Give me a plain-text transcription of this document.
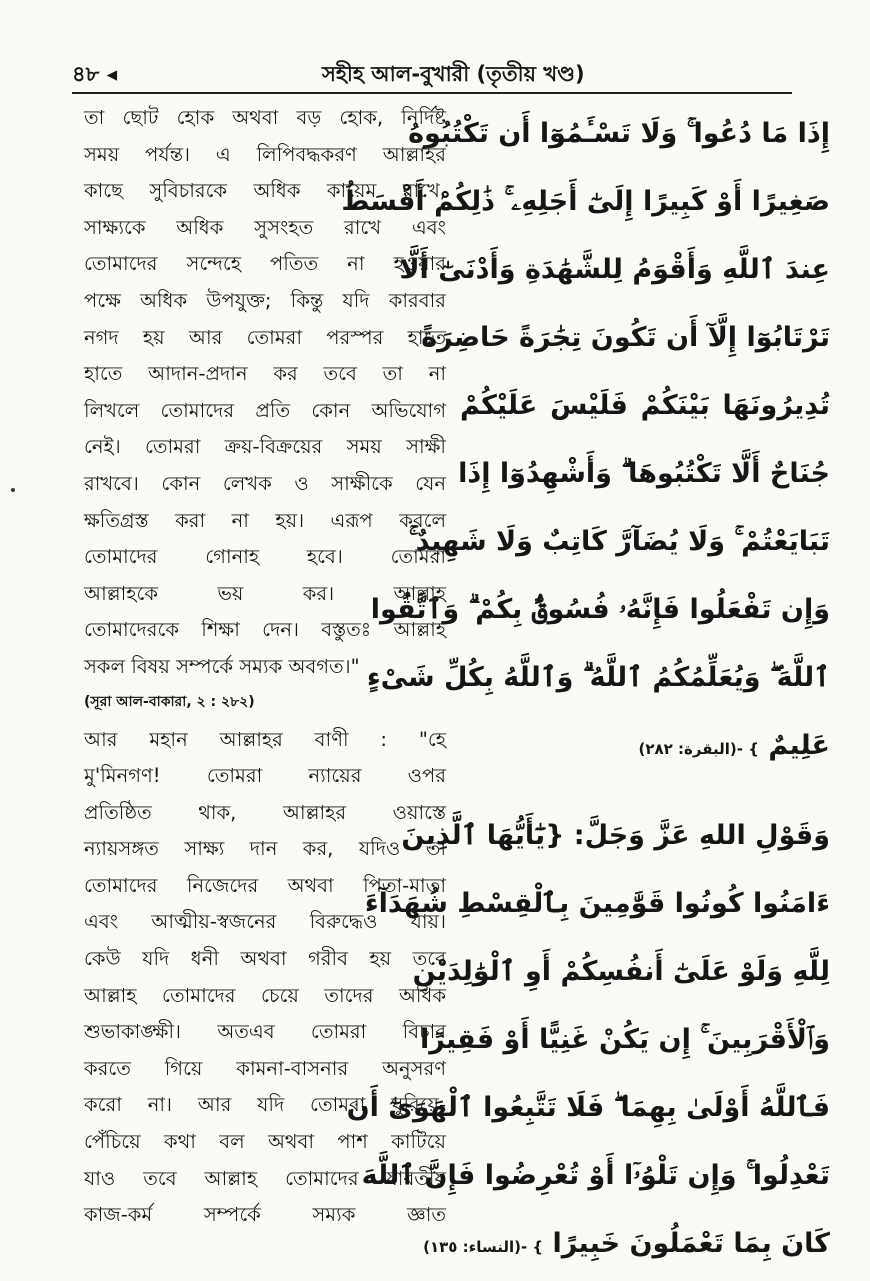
৪৮ ◂	সহীহ আল-বুখারী (তৃতীয় খণ্ড)
তা ছোট হোক অথবা বড় হোক, নির্দিষ্ট
সময় পর্যন্ত। এ লিপিবদ্ধকরণ আল্লাহর
কাছে সুবিচারকে অধিক কায়েম রাখে,
সাক্ষ্যকে অধিক সুসংহত রাখে এবং
তোমাদের সন্দেহে পতিত না হওয়ার
পক্ষে অধিক উপযুক্ত; কিন্তু যদি কারবার
নগদ হয় আর তোমরা পরস্পর হাতে
হাতে আদান-প্রদান কর তবে তা না
লিখলে তোমাদের প্রতি কোন অভিযোগ
নেই। তোমরা ক্রয়-বিক্রয়ের সময় সাক্ষী
রাখবে। কোন লেখক ও সাক্ষীকে যেন
ক্ষতিগ্রস্ত করা না হয়। এরূপ করলে
তোমাদের গোনাহ হবে। তোমরা
আল্লাহকে ভয় কর। আল্লাহ
তোমাদেরকে শিক্ষা দেন। বস্তুতঃ আল্লাহ
সকল বিষয় সম্পর্কে সম্যক অবগত।"
(সূরা আল-বাকারা, ২ : ২৮২)
আর মহান আল্লাহর বাণী : "হে
মু'মিনগণ! তোমরা ন্যায়ের ওপর
প্রতিষ্ঠিত থাক, আল্লাহর ওয়াস্তে
ন্যায়সঙ্গত সাক্ষ্য দান কর, যদিও তা
তোমাদের নিজেদের অথবা পিতা-মাতা
এবং আত্মীয়-স্বজনের বিরুদ্ধেও যায়।
কেউ যদি ধনী অথবা গরীব হয় তবে
আল্লাহ তোমাদের চেয়ে তাদের অধিক
শুভাকাঙ্ক্ষী। অতএব তোমরা বিচার
করতে গিয়ে কামনা-বাসনার অনুসরণ
করো না। আর যদি তোমরা ঘুরিয়ে-
পেঁচিয়ে কথা বল অথবা পাশ কাটিয়ে
যাও তবে আল্লাহ তোমাদের যাবতীয়
কাজ-কর্ম সম্পর্কে সম্যক জ্ঞাত
إِذَا مَا دُعُوا ۚ وَلَا تَسْـَٔمُوٓا أَن تَكْتُبُوهُ
صَغِيرًا أَوْ كَبِيرًا إِلَىٰٓ أَجَلِهِۦ ۚ ذَٰلِكُمْ أَقْسَطُ
عِندَ ٱللَّهِ وَأَقْوَمُ لِلشَّهَٰدَةِ وَأَدْنَىٰٓ أَلَّا
تَرْتَابُوٓا إِلَّآ أَن تَكُونَ تِجَٰرَةً حَاضِرَةً
تُدِيرُونَهَا بَيْنَكُمْ فَلَيْسَ عَلَيْكُمْ
جُنَاحٌ أَلَّا تَكْتُبُوهَا ۗ وَأَشْهِدُوٓا إِذَا
تَبَايَعْتُمْ ۚ وَلَا يُضَآرَّ كَاتِبٌ وَلَا شَهِيدٌ ۚ
وَإِن تَفْعَلُوا فَإِنَّهُۥ فُسُوقٌۢ بِكُمْ ۗ وَٱتَّقُوا
ٱللَّهَ ۖ وَيُعَلِّمُكُمُ ٱللَّهُ ۗ وَٱللَّهُ بِكُلِّ شَىْءٍ
عَلِيمٌ } -(البقرة: ٢٨٢)
وَقَوْلِ اللهِ عَزَّ وَجَلَّ: {يَٰٓأَيُّهَا ٱلَّذِينَ
ءَامَنُوا كُونُوا قَوَّٰمِينَ بِٱلْقِسْطِ شُهَدَآءَ
لِلَّهِ وَلَوْ عَلَىٰٓ أَنفُسِكُمْ أَوِ ٱلْوَٰلِدَيْنِ
وَٱلْأَقْرَبِينَ ۚ إِن يَكُنْ غَنِيًّا أَوْ فَقِيرًا
فَٱللَّهُ أَوْلَىٰ بِهِمَا ۖ فَلَا تَتَّبِعُوا ٱلْهَوَىٰٓ أَن
تَعْدِلُوا ۚ وَإِن تَلْوُۥٓا أَوْ تُعْرِضُوا فَإِنَّ ٱللَّهَ
كَانَ بِمَا تَعْمَلُونَ خَبِيرًا } -(النساء: ١٣٥)
